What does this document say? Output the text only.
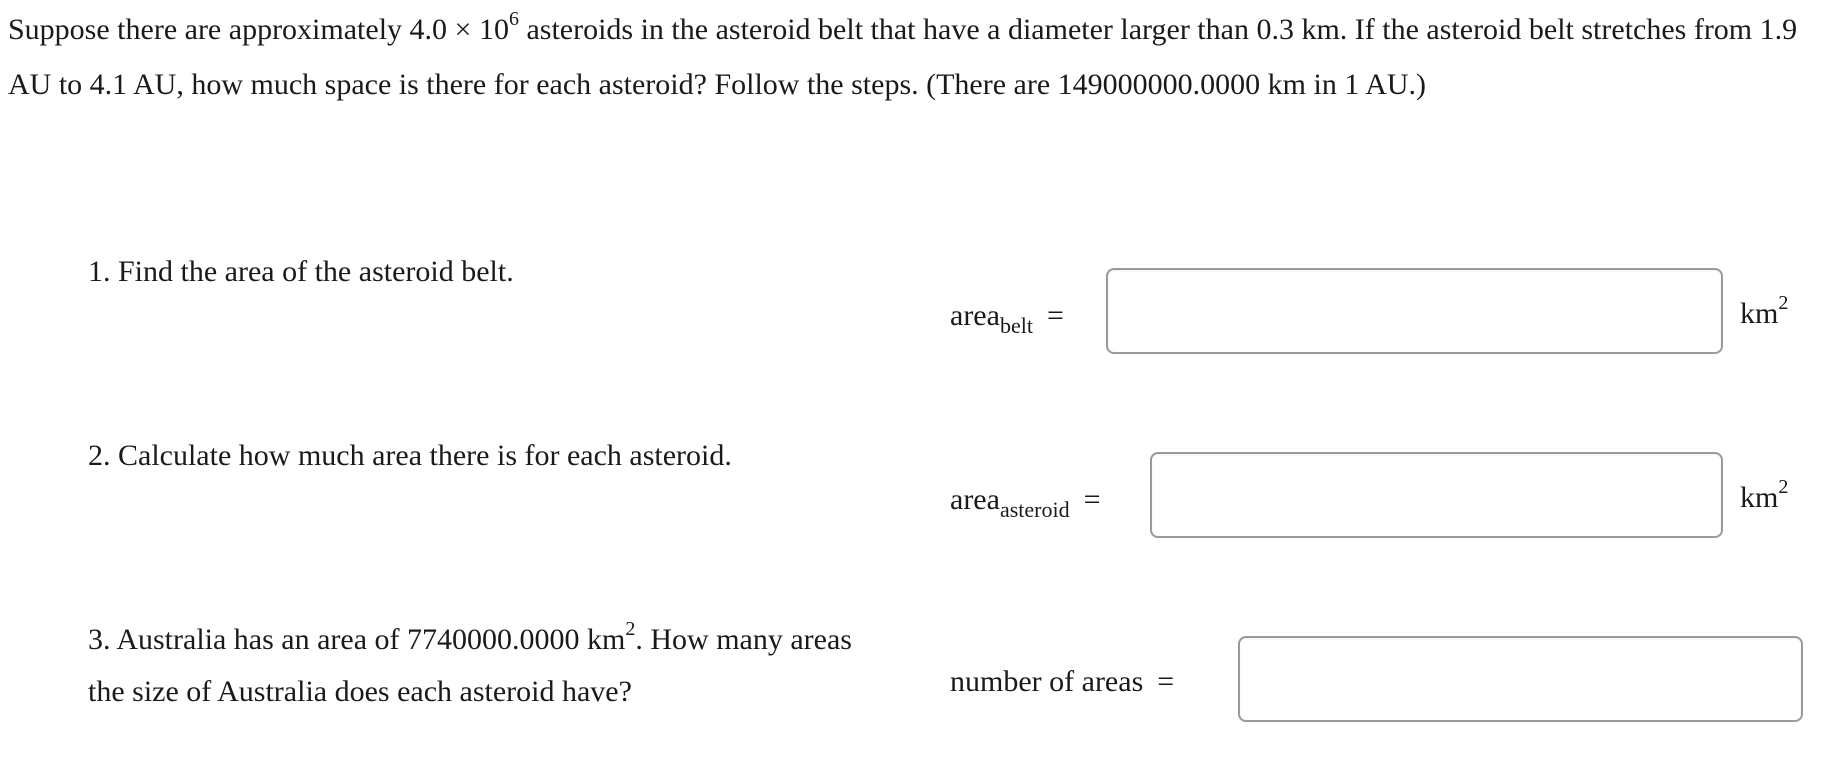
Suppose there are approximately $4.0 \times 10^6$ asteroids in the asteroid belt that have a diameter larger than 0.3 km. If the asteroid belt stretches from 1.9 AU to 4.1 AU, how much space is there for each asteroid? Follow the steps. (There are 149000000.0000 km in 1 AU.)

1. Find the area of the asteroid belt.

area$_{belt}$ =	$km^2$

2. Calculate how much area there is for each asteroid.

area$_{asteroid}$ =	$km^2$

3. Australia has an area of 7740000.0000 $km^2$. How many areas the size of Australia does each asteroid have?	number of areas =
